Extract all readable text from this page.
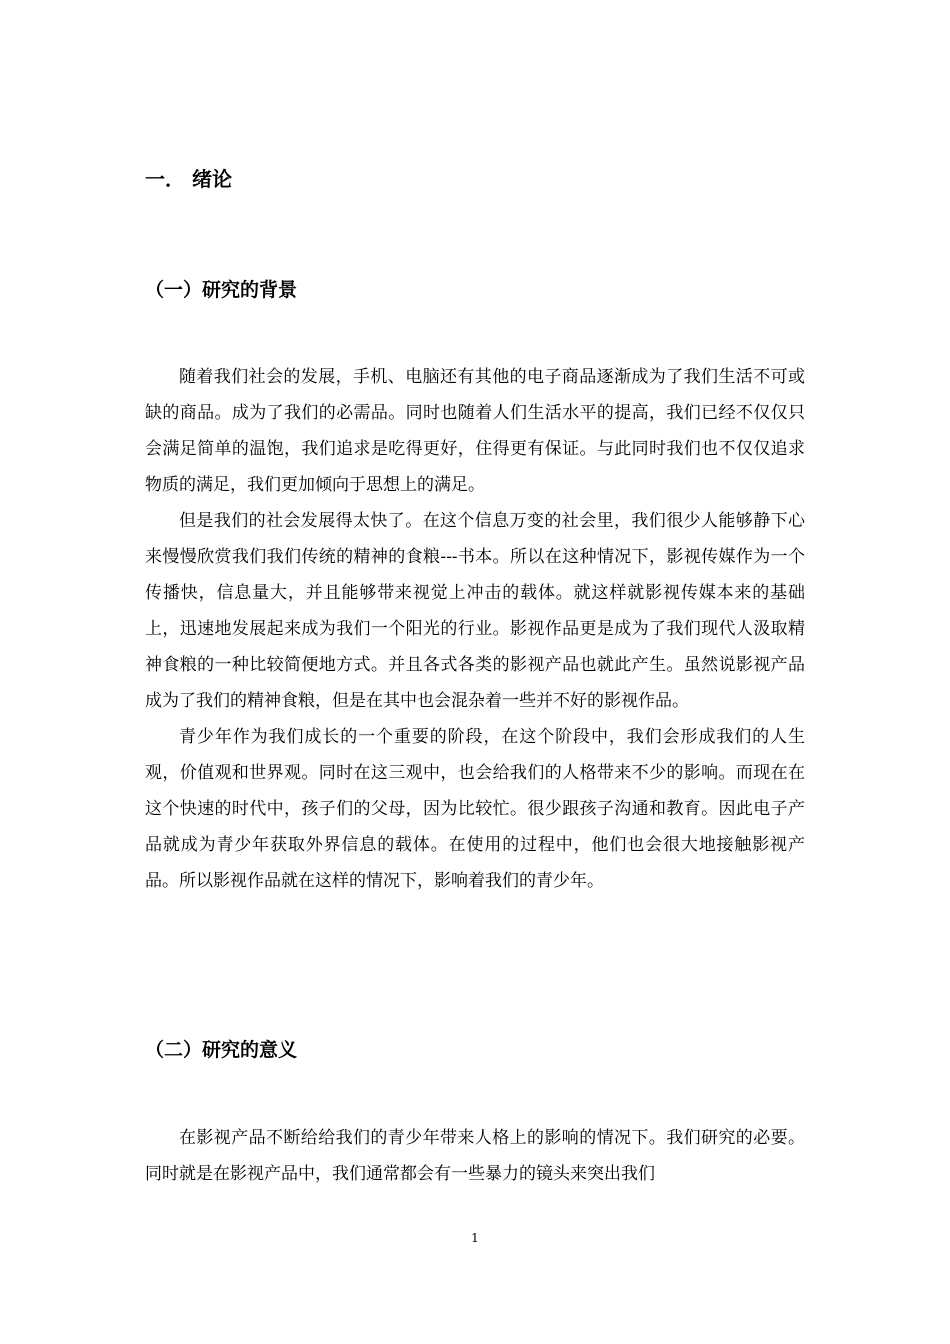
一． 绪论
（一）研究的背景

随着我们社会的发展，手机、电脑还有其他的电子商品逐渐成为了我们生活不可或缺的商品。成为了我们的必需品。同时也随着人们生活水平的提高，我们已经不仅仅只会满足简单的温饱，我们追求是吃得更好，住得更有保证。与此同时我们也不仅仅追求物质的满足，我们更加倾向于思想上的满足。

但是我们的社会发展得太快了。在这个信息万变的社会里，我们很少人能够静下心来慢慢欣赏我们我们传统的精神的食粮---书本。所以在这种情况下，影视传媒作为一个传播快，信息量大，并且能够带来视觉上冲击的载体。就这样就影视传媒本来的基础上，迅速地发展起来成为我们一个阳光的行业。影视作品更是成为了我们现代人汲取精神食粮的一种比较简便地方式。并且各式各类的影视产品也就此产生。虽然说影视产品成为了我们的精神食粮，但是在其中也会混杂着一些并不好的影视作品。

青少年作为我们成长的一个重要的阶段，在这个阶段中，我们会形成我们的人生观，价值观和世界观。同时在这三观中，也会给我们的人格带来不少的影响。而现在在这个快速的时代中，孩子们的父母，因为比较忙。很少跟孩子沟通和教育。因此电子产品就成为青少年获取外界信息的载体。在使用的过程中，他们也会很大地接触影视产品。所以影视作品就在这样的情况下，影响着我们的青少年。

（二）研究的意义

在影视产品不断给给我们的青少年带来人格上的影响的情况下。我们研究的必要。同时就是在影视产品中，我们通常都会有一些暴力的镜头来突出我们

1
